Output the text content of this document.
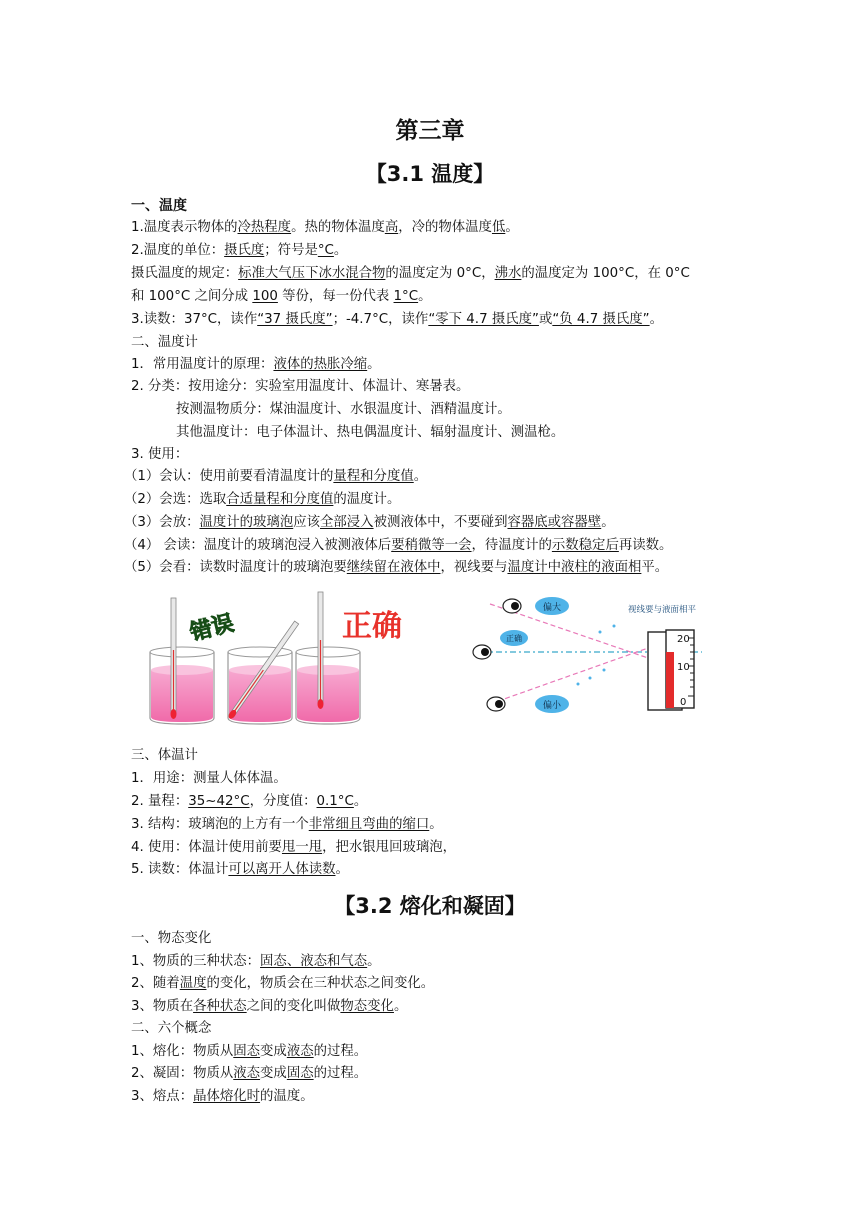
第三章
【3.1 温度】
一、温度
1.温度表示物体的冷热程度。热的物体温度高，冷的物体温度低。
2.温度的单位：摄氏度；符号是°C。
摄氏温度的规定：标准大气压下冰水混合物的温度定为 0°C，沸水的温度定为 100°C，在 0°C
和 100°C 之间分成 100 等份，每一份代表 1°C。
3.读数：37°C，读作“37 摄氏度”；-4.7°C，读作“零下 4.7 摄氏度”或“负 4.7 摄氏度”。
二、温度计
1．常用温度计的原理：液体的热胀冷缩。
2. 分类：按用途分：实验室用温度计、体温计、寒暑表。
按测温物质分：煤油温度计、水银温度计、酒精温度计。
其他温度计：电子体温计、热电偶温度计、辐射温度计、测温枪。
3. 使用：
（1）会认：使用前要看清温度计的量程和分度值。
（2）会选：选取合适量程和分度值的温度计。
（3）会放：温度计的玻璃泡应该全部浸入被测液体中，不要碰到容器底或容器壁。
（4） 会读：温度计的玻璃泡浸入被测液体后要稍微等一会，待温度计的示数稳定后再读数。
（5）会看：读数时温度计的玻璃泡要继续留在液体中，视线要与温度计中液柱的液面相平。
错误	正确
偏大
正确
偏小
视线要与液面相平
20
10
0
三、体温计
1．用途：测量人体体温。
2. 量程：35~42°C，分度值：0.1°C。
3. 结构：玻璃泡的上方有一个非常细且弯曲的缩口。
4. 使用：体温计使用前要甩一甩，把水银甩回玻璃泡，
5. 读数：体温计可以离开人体读数。
【3.2 熔化和凝固】
一、物态变化
1、物质的三种状态：固态、液态和气态。
2、随着温度的变化，物质会在三种状态之间变化。
3、物质在各种状态之间的变化叫做物态变化。
二、六个概念
1、熔化：物质从固态变成液态的过程。
2、凝固：物质从液态变成固态的过程。
3、熔点：晶体熔化时的温度。
